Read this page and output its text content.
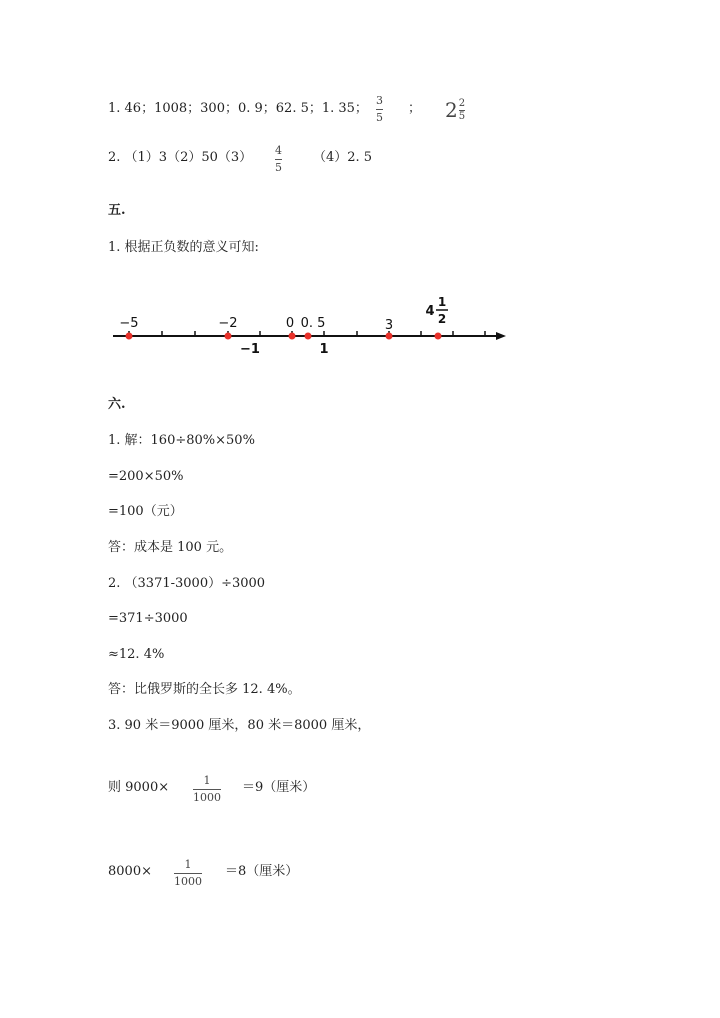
1. 46；1008；300；0. 9；62. 5；1. 35；
3
5
； 2 2
5
2. （1）3（2）50（3） 4
5
（4）2. 5
五.
1. 根据正负数的意义可知:
−5	−2	0 0. 5	3
−1	1
4
1
2
六.
1. 解：160÷80%×50%
=200×50%
=100（元）
答：成本是 100 元。
2. （3371-3000）÷3000
=371÷3000
≈12. 4%
答：比俄罗斯的全长多 12. 4%。
3. 90 米＝9000 厘米，80 米＝8000 厘米，
则 9000×	1
1000
＝9（厘米）
8000×	1
1000
＝8（厘米）
